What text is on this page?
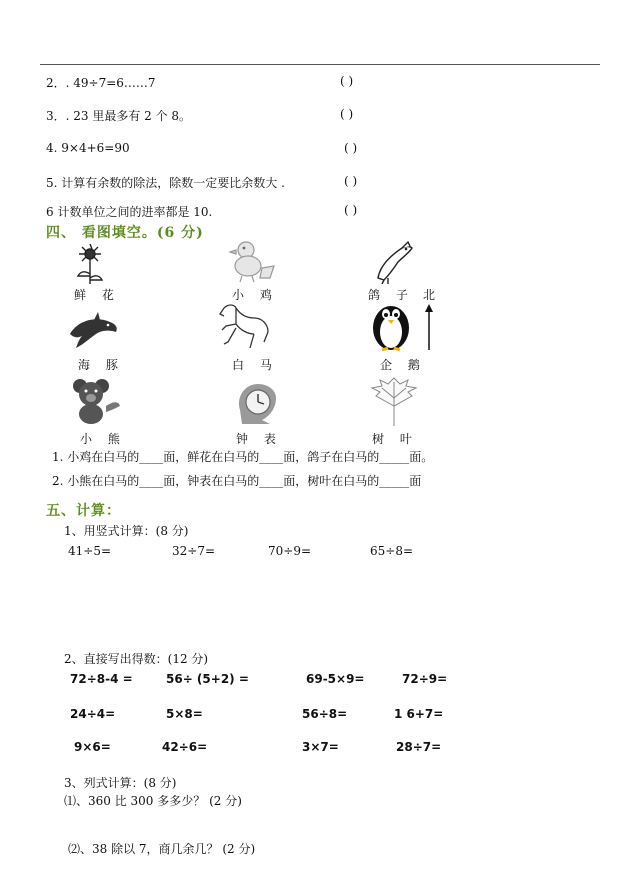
2．. 49÷7=6……7	( )
3．. 23 里最多有 2 个 8。	( )
4. 9×4+6=90	( )
5. 计算有余数的除法，除数一定要比余数大 .	( )
6 计数单位之间的进率都是 10.	( )
四、 看图填空。(6 分)
鲜 花	小 鸡	鸽 子 北
海 豚	白 马	企 鹅
小 熊	钟 表	树 叶
1. 小鸡在白马的____面，鲜花在白马的____面，鸽子在白马的_____面。
2. 小熊在白马的____面，钟表在白马的____面，树叶在白马的_____面
五、计算：
1、用竖式计算：(8 分)
41÷5=	32÷7=	70÷9=	65÷8=
2、直接写出得数：(12 分)
72÷8-4 =	56÷ (5+2) =	69-5×9=	72÷9=
24÷4=	5×8=	56÷8=	1 6+7=
9×6=	42÷6=	3×7=	28÷7=
3、列式计算：(8 分)
⑴、360 比 300 多多少？ (2 分)
⑵、38 除以 7，商几余几？ (2 分)
